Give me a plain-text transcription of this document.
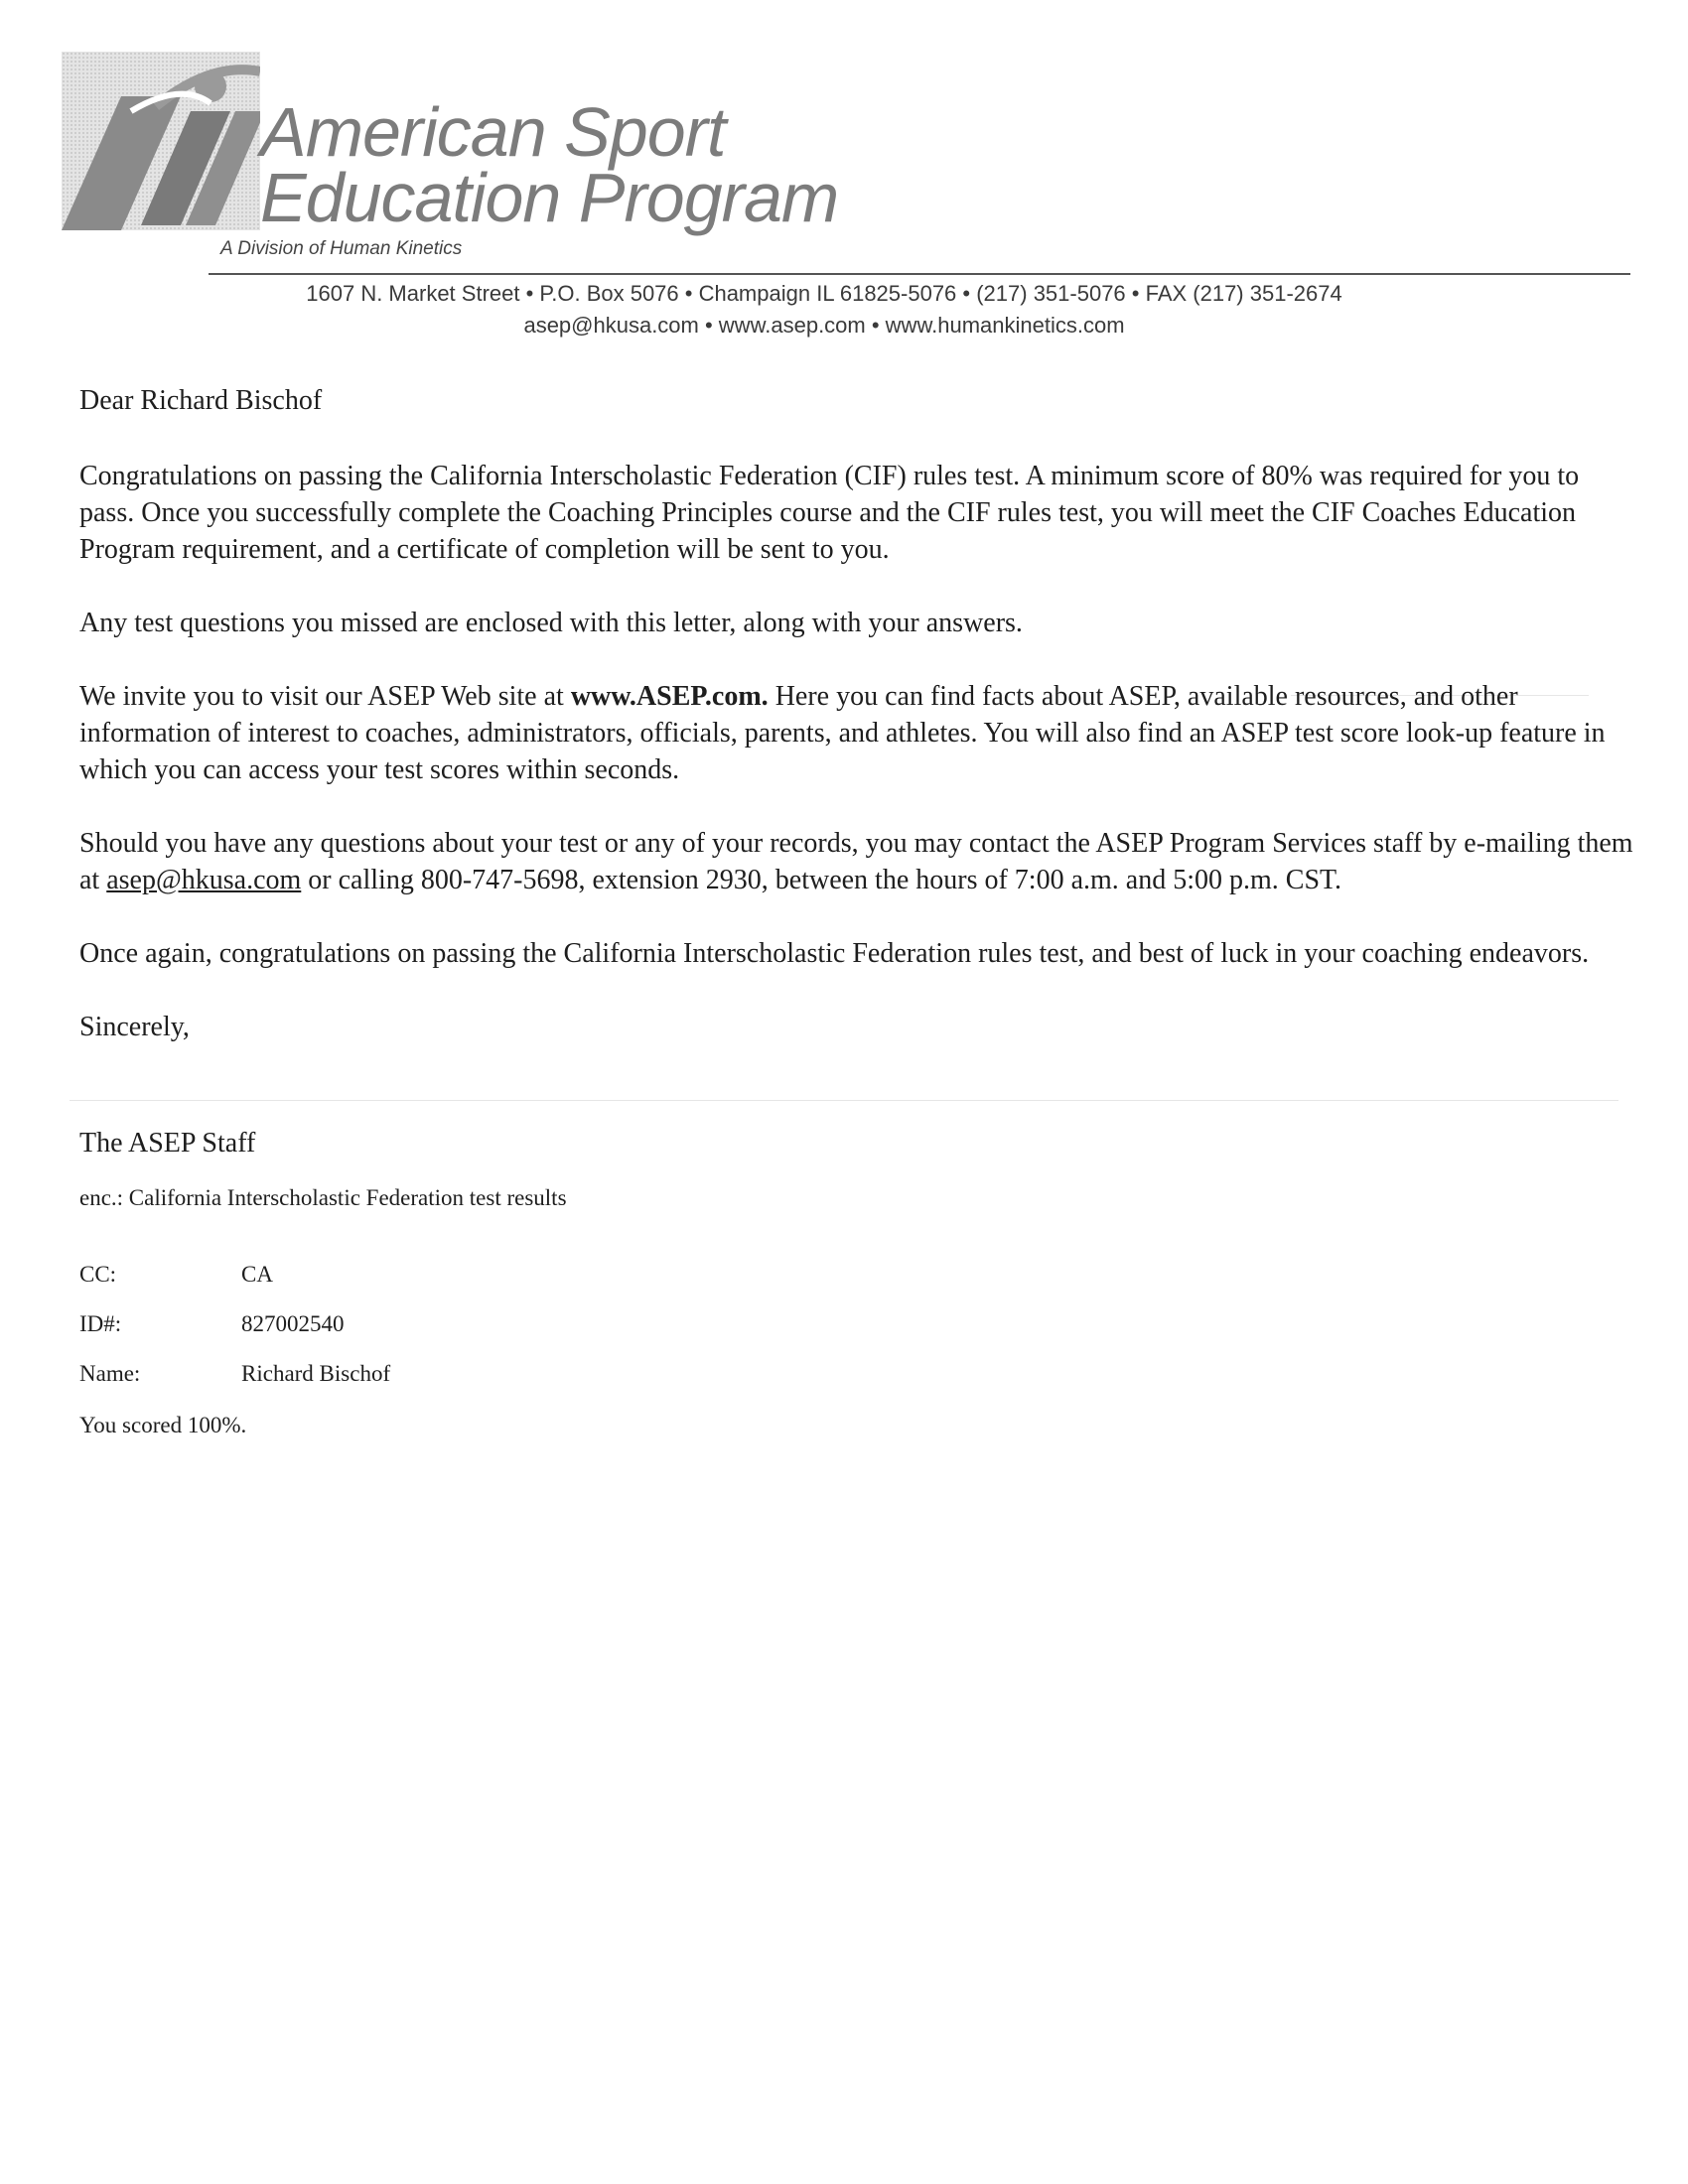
American Sport
Education Program
A Division of Human Kinetics
1607 N. Market Street • P.O. Box 5076 • Champaign IL 61825-5076 • (217) 351-5076 • FAX (217) 351-2674
asep@hkusa.com • www.asep.com • www.humankinetics.com

Dear Richard Bischof

Congratulations on passing the California Interscholastic Federation (CIF) rules test. A minimum score of 80% was required for you to pass. Once you successfully complete the Coaching Principles course and the CIF rules test, you will meet the CIF Coaches Education Program requirement, and a certificate of completion will be sent to you.

Any test questions you missed are enclosed with this letter, along with your answers.

We invite you to visit our ASEP Web site at www.ASEP.com. Here you can find facts about ASEP, available resources, and other information of interest to coaches, administrators, officials, parents, and athletes. You will also find an ASEP test score look-up feature in which you can access your test scores within seconds.

Should you have any questions about your test or any of your records, you may contact the ASEP Program Services staff by e-mailing them at asep@hkusa.com or calling 800-747-5698, extension 2930, between the hours of 7:00 a.m. and 5:00 p.m. CST.

Once again, congratulations on passing the California Interscholastic Federation rules test, and best of luck in your coaching endeavors.

Sincerely,

The ASEP Staff

enc.: California Interscholastic Federation test results

CC:	CA
ID#:	827002540
Name:	Richard Bischof
You scored 100%.
